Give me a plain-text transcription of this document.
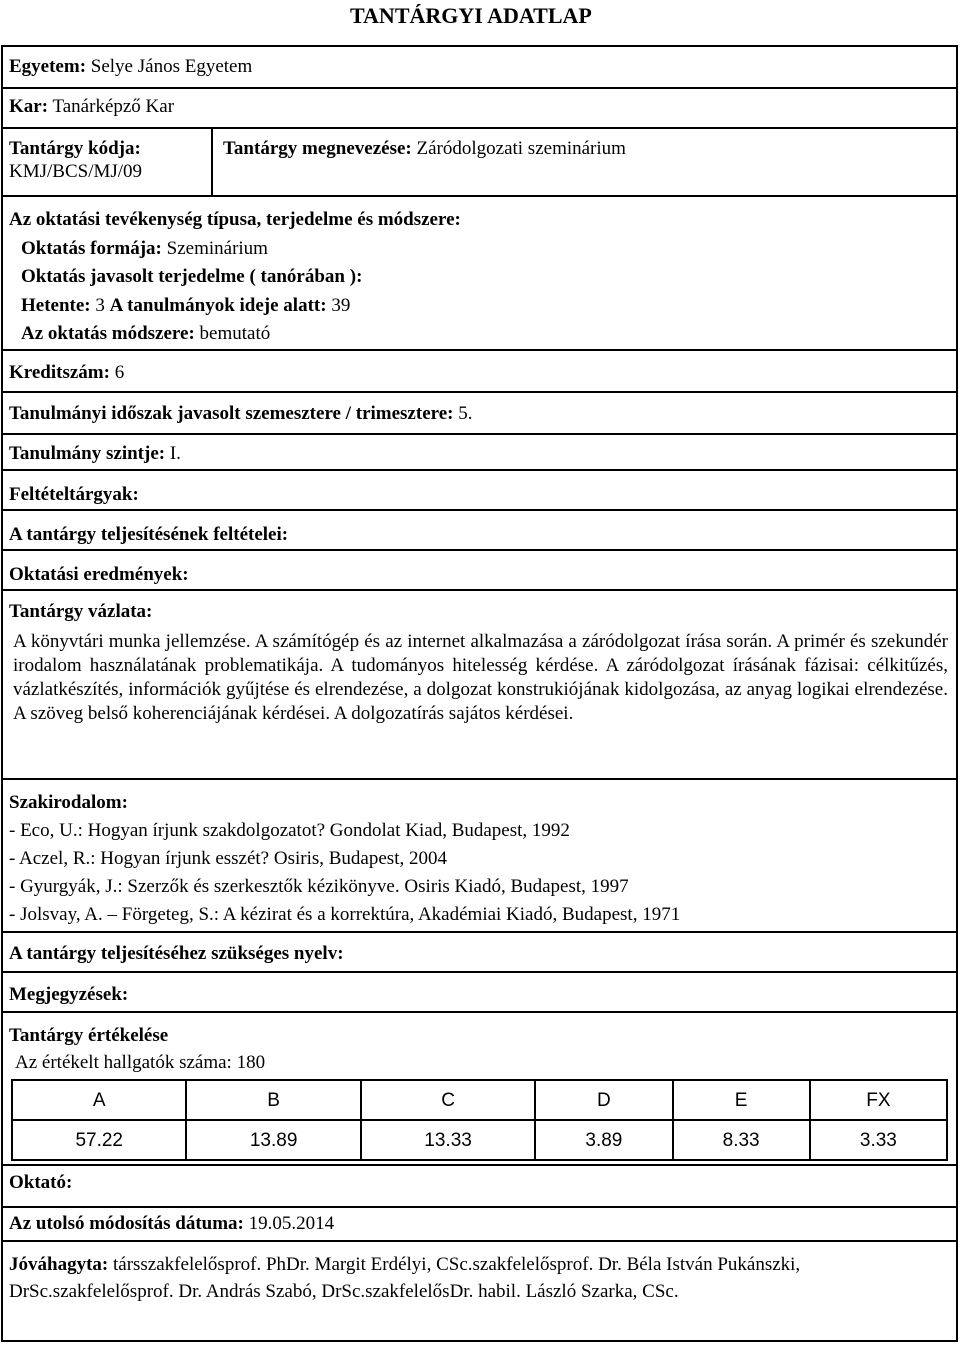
TANTÁRGYI ADATLAP
Egyetem: Selye János Egyetem
Kar: Tanárképző Kar
Tantárgy kódja:
KMJ/BCS/MJ/09
Tantárgy megnevezése: Záródolgozati szeminárium
Az oktatási tevékenység típusa, terjedelme és módszere:
Oktatás formája: Szeminárium
Oktatás javasolt terjedelme ( tanórában ):
Hetente: 3 A tanulmányok ideje alatt: 39
Az oktatás módszere: bemutató
Kreditszám: 6
Tanulmányi időszak javasolt szemesztere / trimesztere: 5.
Tanulmány szintje: I.
Feltételtárgyak:
A tantárgy teljesítésének feltételei:
Oktatási eredmények:
Tantárgy vázlata:
A könyvtári munka jellemzése. A számítógép és az internet alkalmazása a záródolgozat írása során. A primér és szekundér irodalom használatának problematikája. A tudományos hitelesség kérdése. A záródolgozat írásának fázisai: célkitűzés, vázlatkészítés, információk gyűjtése és elrendezése, a dolgozat konstrukiójának kidolgozása, az anyag logikai elrendezése. A szöveg belső koherenciájának kérdései. A dolgozatírás sajátos kérdései.
Szakirodalom:
- Eco, U.: Hogyan írjunk szakdolgozatot? Gondolat Kiad, Budapest, 1992
- Aczel, R.: Hogyan írjunk esszét? Osiris, Budapest, 2004
- Gyurgyák, J.: Szerzők és szerkesztők kézikönyve. Osiris Kiadó, Budapest, 1997
- Jolsvay, A. – Förgeteg, S.: A kézirat és a korrektúra, Akadémiai Kiadó, Budapest, 1971
A tantárgy teljesítéséhez szükséges nyelv:
Megjegyzések:
Tantárgy értékelése
Az értékelt hallgatók száma: 180
A	B	C	D	E	FX
57.22	13.89	13.33	3.89	8.33	3.33
Oktató:
Az utolsó módosítás dátuma: 19.05.2014
Jóváhagyta: társszakfelelősprof. PhDr. Margit Erdélyi, CSc.szakfelelősprof. Dr. Béla István Pukánszki, DrSc.szakfelelősprof. Dr. András Szabó, DrSc.szakfelelősDr. habil. László Szarka, CSc.
